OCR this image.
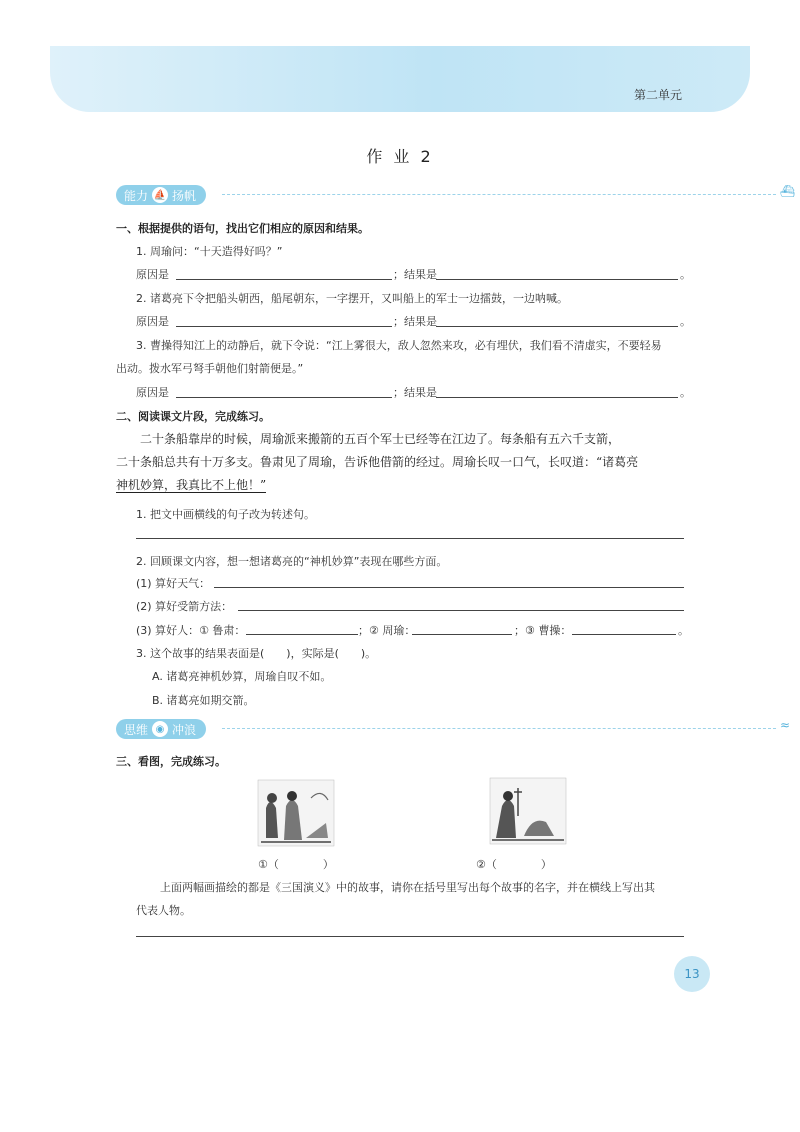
第二单元
作 业 2
能力 ⛵ 扬帆	⛴
一、根据提供的语句，找出它们相应的原因和结果。
1. 周瑜问：“十天造得好吗？”
原因是	；结果是	。
2. 诸葛亮下令把船头朝西，船尾朝东，一字摆开，又叫船上的军士一边擂鼓，一边呐喊。
原因是	；结果是	。
3. 曹操得知江上的动静后，就下令说：“江上雾很大，敌人忽然来攻，必有埋伏，我们看不清虚实，不要轻易
出动。拨水军弓弩手朝他们射箭便是。”
原因是	；结果是	。
二、阅读课文片段，完成练习。
二十条船靠岸的时候，周瑜派来搬箭的五百个军士已经等在江边了。每条船有五六千支箭，
二十条船总共有十万多支。鲁肃见了周瑜，告诉他借箭的经过。周瑜长叹一口气，长叹道：“诸葛亮
神机妙算，我真比不上他！”
1. 把文中画横线的句子改为转述句。
2. 回顾课文内容，想一想诸葛亮的“神机妙算”表现在哪些方面。
(1) 算好天气：
(2) 算好受箭方法：
(3) 算好人：① 鲁肃：	；② 周瑜：	；③ 曹操：	。
3. 这个故事的结果表面是(　　)，实际是(　　)。
A. 诸葛亮神机妙算，周瑜自叹不如。
B. 诸葛亮如期交箭。
思维 ◉ 冲浪	≈
三、看图，完成练习。
①（　　　　）	②（　　　　）
上面两幅画描绘的都是《三国演义》中的故事，请你在括号里写出每个故事的名字，并在横线上写出其
代表人物。
13
